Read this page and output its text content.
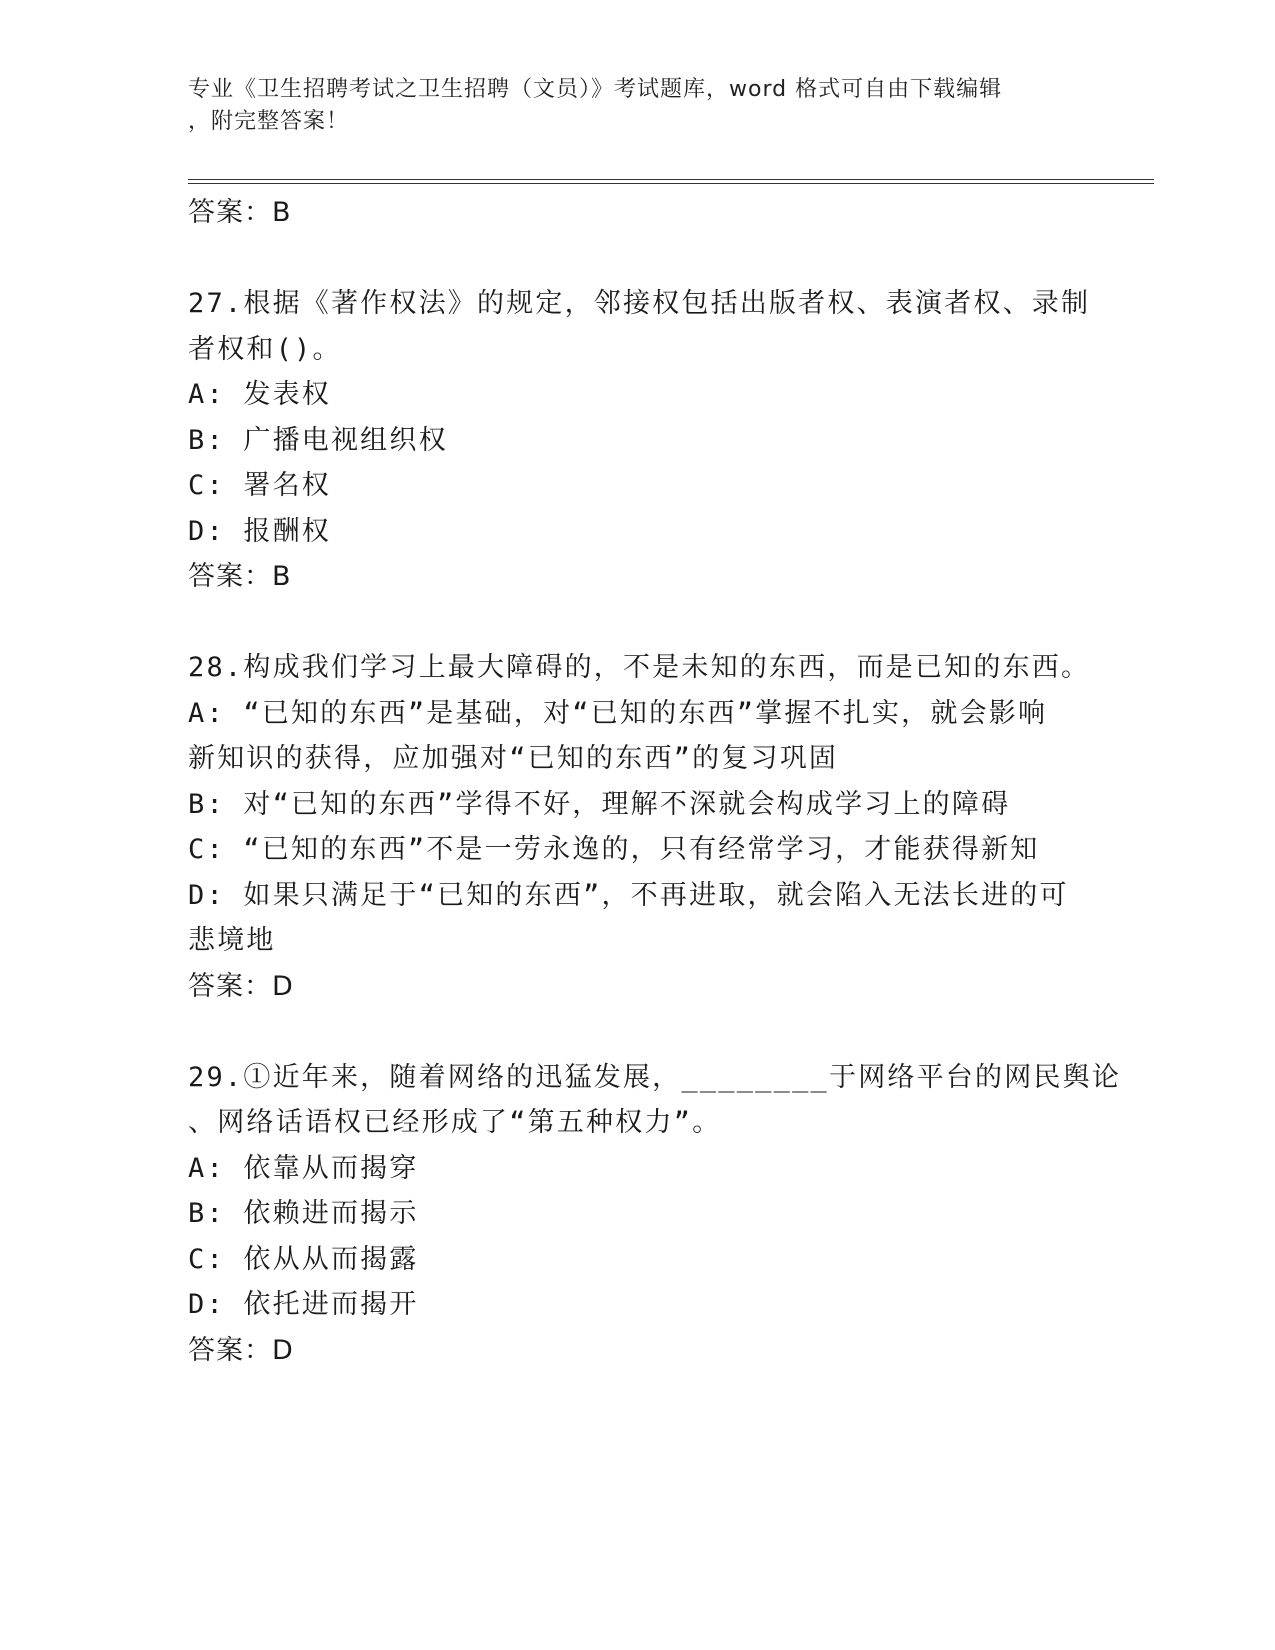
专业《卫生招聘考试之卫生招聘（文员）》考试题库，word 格式可自由下载编辑
，附完整答案！
答案：B
27.根据《著作权法》的规定，邻接权包括出版者权、表演者权、录制
者权和()。
A: 发表权
B: 广播电视组织权
C: 署名权
D: 报酬权
答案：B
28.构成我们学习上最大障碍的，不是未知的东西，而是已知的东西。
A: “已知的东西”是基础，对“已知的东西”掌握不扎实，就会影响
新知识的获得，应加强对“已知的东西”的复习巩固
B: 对“已知的东西”学得不好，理解不深就会构成学习上的障碍
C: “已知的东西”不是一劳永逸的，只有经常学习，才能获得新知
D: 如果只满足于“已知的东西”，不再进取，就会陷入无法长进的可
悲境地
答案：D
29.①近年来，随着网络的迅猛发展，________于网络平台的网民舆论
、网络话语权已经形成了“第五种权力”。
A: 依靠从而揭穿
B: 依赖进而揭示
C: 依从从而揭露
D: 依托进而揭开
答案：D
